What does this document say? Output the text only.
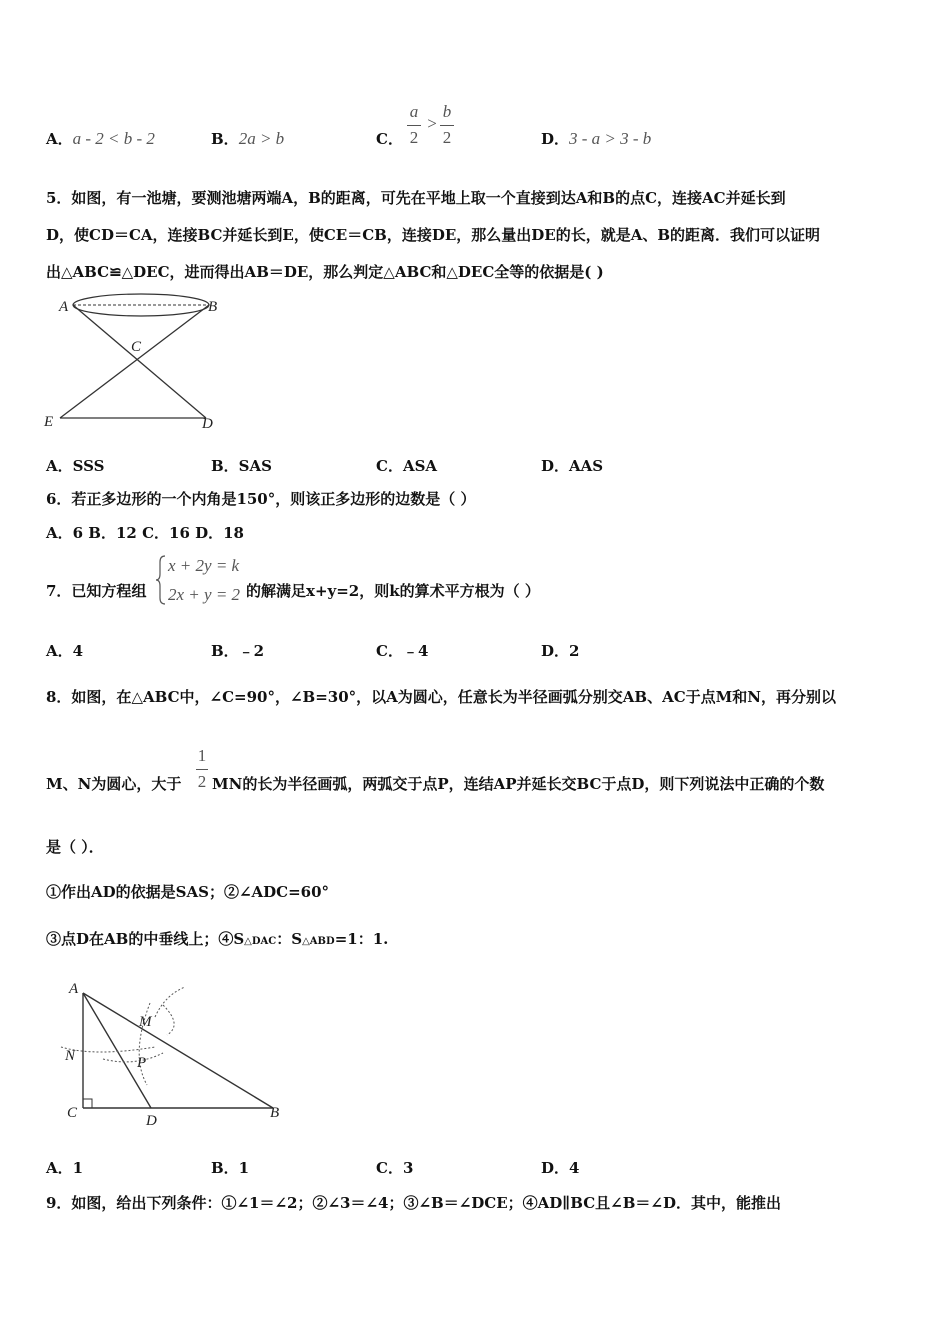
A．a - 2 < b - 2	B．2a > b	C．
a
2
>
b
2	D．3 - a > 3 - b
5．如图，有一池塘，要测池塘两端A，B的距离，可先在平地上取一个直接到达A和B的点C，连接AC并延长到
D，使CD＝CA，连接BC并延长到E，使CE＝CB，连接DE，那么量出DE的长，就是A、B的距离．我们可以证明
出△ABC≌△DEC，进而得出AB＝DE，那么判定△ABC和△DEC全等的依据是( )
A	B
C
E	D
A．SSS	B．SAS	C．ASA	D．AAS
6．若正多边形的一个内角是150°，则该正多边形的边数是（ ）
A．6 B．12 C．16 D．18
7．已知方程组
x + 2y = k
2x + y = 2 的解满足x+y=2，则k的算术平方根为（ ）
A．4	B．﹣2	C．﹣4	D．2
8．如图，在△ABC中，∠C=90°，∠B=30°，以A为圆心，任意长为半径画弧分别交AB、AC于点M和N，再分别以
M、N为圆心，大于
1
2 MN的长为半径画弧，两弧交于点P，连结AP并延长交BC于点D，则下列说法中正确的个数
是（ ）．
①作出AD的依据是SAS；②∠ADC=60°
③点D在AB的中垂线上；④S△DAC：S△ABD=1：1.
A
M
N	P
C	D	B
A．1	B．1	C．3	D．4
9．如图，给出下列条件：①∠1＝∠2；②∠3＝∠4；③∠B＝∠DCE；④AD∥BC且∠B＝∠D．其中，能推出
